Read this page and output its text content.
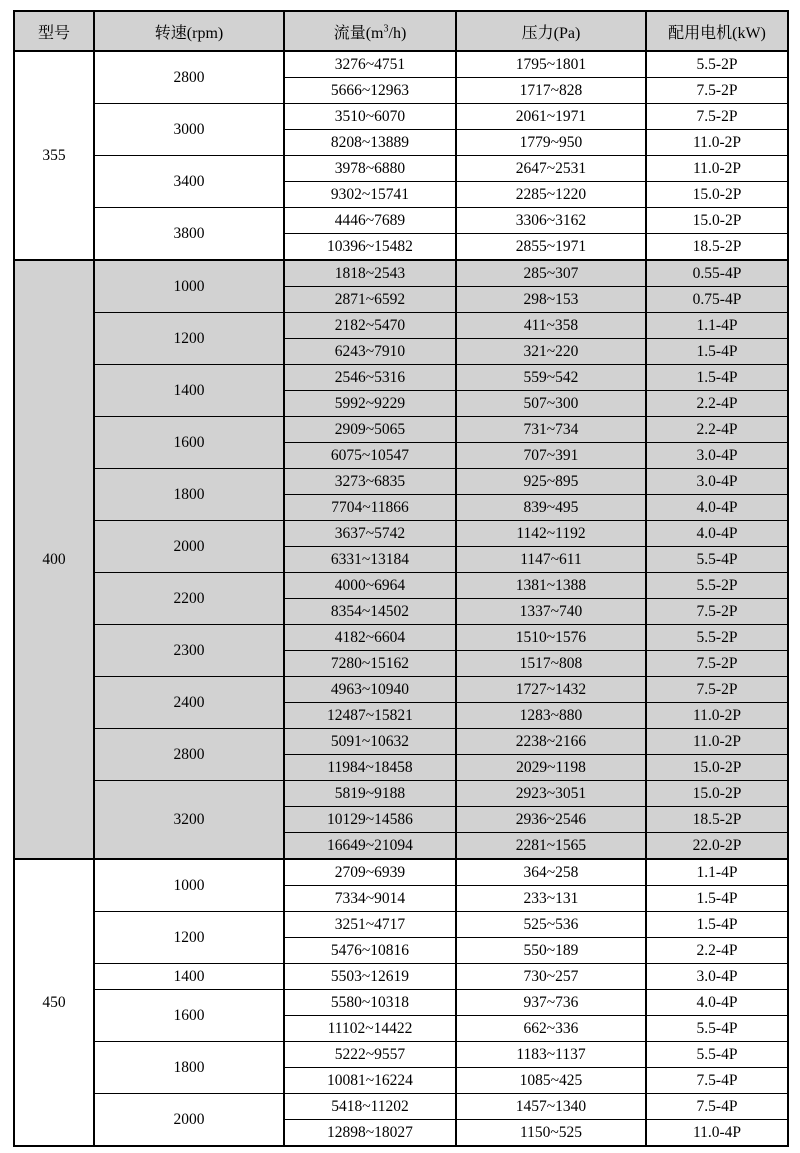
型号	转速(rpm)	流量$(m^3/h)$	压力(Pa)	配用电机(kW)
355	2800	3276~4751	1795~1801	5.5-2P
		5666~12963	1717~828	7.5-2P
	3000	3510~6070	2061~1971	7.5-2P
		8208~13889	1779~950	11.0-2P
	3400	3978~6880	2647~2531	11.0-2P
		9302~15741	2285~1220	15.0-2P
	3800	4446~7689	3306~3162	15.0-2P
		10396~15482	2855~1971	18.5-2P
400	1000	1818~2543	285~307	0.55-4P
		2871~6592	298~153	0.75-4P
	1200	2182~5470	411~358	1.1-4P
		6243~7910	321~220	1.5-4P
	1400	2546~5316	559~542	1.5-4P
		5992~9229	507~300	2.2-4P
	1600	2909~5065	731~734	2.2-4P
		6075~10547	707~391	3.0-4P
	1800	3273~6835	925~895	3.0-4P
		7704~11866	839~495	4.0-4P
	2000	3637~5742	1142~1192	4.0-4P
		6331~13184	1147~611	5.5-4P
	2200	4000~6964	1381~1388	5.5-2P
		8354~14502	1337~740	7.5-2P
	2300	4182~6604	1510~1576	5.5-2P
		7280~15162	1517~808	7.5-2P
	2400	4963~10940	1727~1432	7.5-2P
		12487~15821	1283~880	11.0-2P
	2800	5091~10632	2238~2166	11.0-2P
		11984~18458	2029~1198	15.0-2P
	3200	5819~9188	2923~3051	15.0-2P
		10129~14586	2936~2546	18.5-2P
		16649~21094	2281~1565	22.0-2P
450	1000	2709~6939	364~258	1.1-4P
		7334~9014	233~131	1.5-4P
	1200	3251~4717	525~536	1.5-4P
		5476~10816	550~189	2.2-4P
	1400	5503~12619	730~257	3.0-4P
	1600	5580~10318	937~736	4.0-4P
		11102~14422	662~336	5.5-4P
	1800	5222~9557	1183~1137	5.5-4P
		10081~16224	1085~425	7.5-4P
	2000	5418~11202	1457~1340	7.5-4P
		12898~18027	1150~525	11.0-4P
